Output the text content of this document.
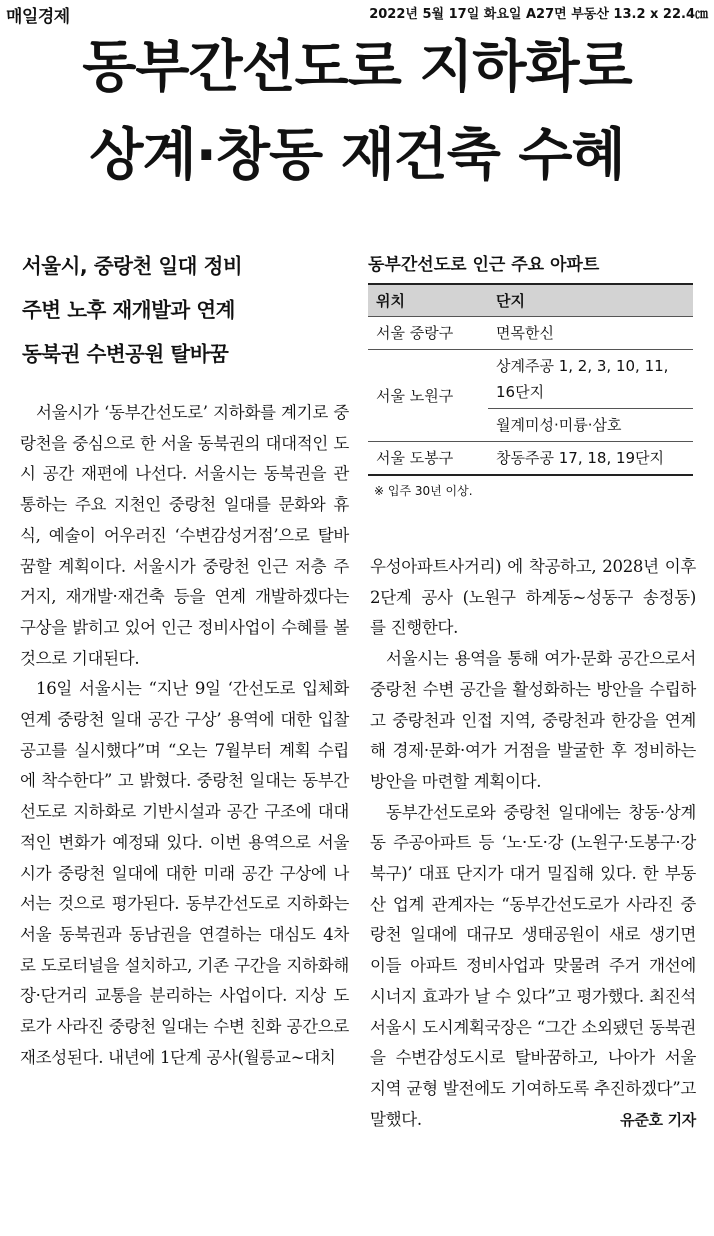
매일경제	2022년 5월 17일 화요일 A27면 부동산 13.2 x 22.4㎝
동부간선도로 지하화로
상계·창동 재건축 수혜
서울시, 중랑천 일대 정비
주변 노후 재개발과 연계
동북권 수변공원 탈바꿈
동부간선도로 인근 주요 아파트
위치	단지
서울 중랑구	면목한신
서울 노원구	상계주공 1, 2, 3, 10, 11, 16단지
	월계미성·미륭·삼호
서울 도봉구	창동주공 17, 18, 19단지
※ 입주 30년 이상.

서울시가 ‘동부간선도로’ 지하화를 계기로 중랑천을 중심으로 한 서울 동북권의 대대적인 도시 공간 재편에 나선다. 서울시는 동북권을 관통하는 주요 지천인 중랑천 일대를 문화와 휴식, 예술이 어우러진 ‘수변감성거점’으로 탈바꿈할 계획이다. 서울시가 중랑천 인근 저층 주거지, 재개발·재건축 등을 연계 개발하겠다는 구상을 밝히고 있어 인근 정비사업이 수혜를 볼 것으로 기대된다.

16일 서울시는 “지난 9일 ‘간선도로 입체화 연계 중랑천 일대 공간 구상’ 용역에 대한 입찰 공고를 실시했다”며 “오는 7월부터 계획 수립에 착수한다” 고 밝혔다. 중랑천 일대는 동부간선도로 지하화로 기반시설과 공간 구조에 대대적인 변화가 예정돼 있다. 이번 용역으로 서울시가 중랑천 일대에 대한 미래 공간 구상에 나서는 것으로 평가된다. 동부간선도로 지하화는 서울 동북권과 동남권을 연결하는 대심도 4차로 도로터널을 설치하고, 기존 구간을 지하화해 장·단거리 교통을 분리하는 사업이다. 지상 도로가 사라진 중랑천 일대는 수변 친화 공간으로 재조성된다. 내년에 1단계 공사(월릉교~대치

우성아파트사거리) 에 착공하고, 2028년 이후 2단계 공사 (노원구 하계동~성동구 송정동) 를 진행한다.

서울시는 용역을 통해 여가·문화 공간으로서 중랑천 수변 공간을 활성화하는 방안을 수립하고 중랑천과 인접 지역, 중랑천과 한강을 연계해 경제·문화·여가 거점을 발굴한 후 정비하는 방안을 마련할 계획이다.

동부간선도로와 중랑천 일대에는 창동·상계동 주공아파트 등 ‘노·도·강 (노원구·도봉구·강북구)’ 대표 단지가 대거 밀집해 있다. 한 부동산 업계 관계자는 “동부간선도로가 사라진 중랑천 일대에 대규모 생태공원이 새로 생기면 이들 아파트 정비사업과 맞물려 주거 개선에 시너지 효과가 날 수 있다”고 평가했다. 최진석 서울시 도시계획국장은 “그간 소외됐던 동북권을 수변감성도시로 탈바꿈하고, 나아가 서울 지역 균형 발전에도 기여하도록 추진하겠다”고 말했다.	유준호 기자
